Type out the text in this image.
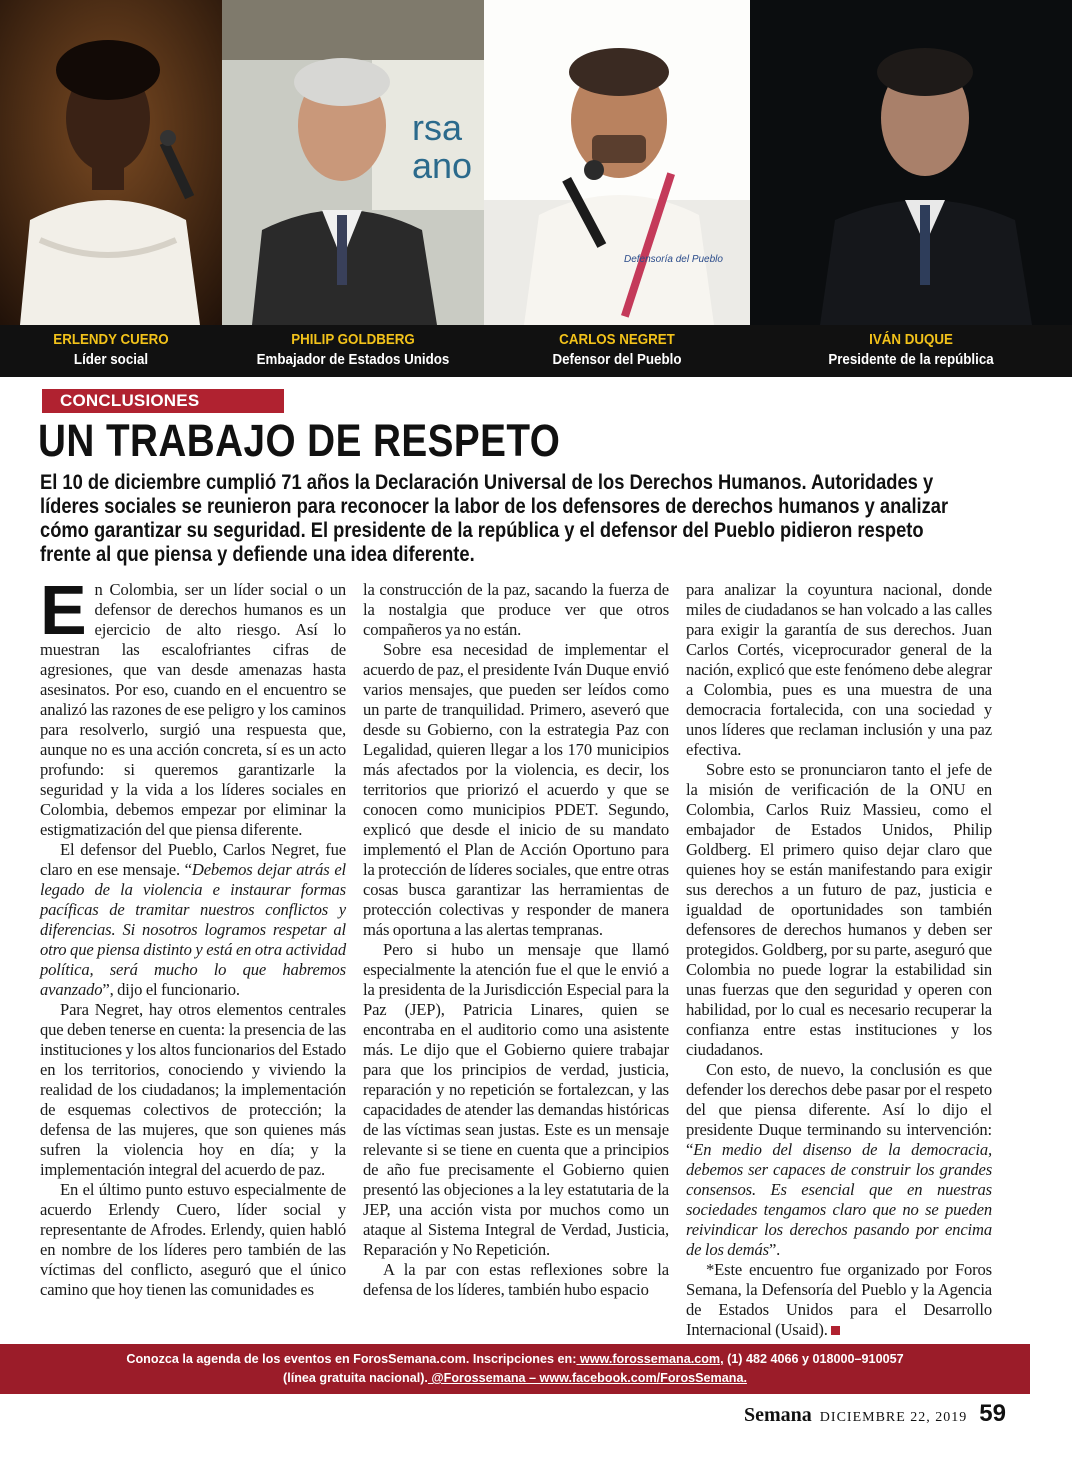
rsa ano
Defensoría del Pueblo
ERLENDY CUERO
Líder social
PHILIP GOLDBERG
Embajador de Estados Unidos
CARLOS NEGRET
Defensor del Pueblo
IVÁN DUQUE
Presidente de la república
CONCLUSIONES
UN TRABAJO DE RESPETO
El 10 de diciembre cumplió 71 años la Declaración Universal de los Derechos Humanos. Autoridades y líderes sociales se reunieron para reconocer la labor de los defensores de derechos humanos y analizar cómo garantizar su seguridad. El presidente de la república y el defensor del Pueblo pidieron respeto frente al que piensa y defiende una idea diferente.

En Colombia, ser un líder social o un defensor de derechos humanos es un ejercicio de alto riesgo. Así lo muestran las escalofriantes cifras de agresiones, que van desde amenazas hasta asesinatos. Por eso, cuando en el encuentro se analizó las razones de ese peligro y los caminos para resolverlo, surgió una respuesta que, aunque no es una acción concreta, sí es un acto profundo: si queremos garantizarle la seguridad y la vida a los líderes sociales en Colombia, debemos empezar por eliminar la estigmatización del que piensa diferente.

El defensor del Pueblo, Carlos Negret, fue claro en ese mensaje. “Debemos dejar atrás el legado de la violencia e instaurar formas pacíficas de tramitar nuestros conflictos y diferencias. Si nosotros logramos respetar al otro que piensa distinto y está en otra actividad política, será mucho lo que habremos avanzado”, dijo el funcionario.

Para Negret, hay otros elementos centrales que deben tenerse en cuenta: la presencia de las instituciones y los altos funcionarios del Estado en los territorios, conociendo y viviendo la realidad de los ciudadanos; la implementación de esquemas colectivos de protección; la defensa de las mujeres, que son quienes más sufren la violencia hoy en día; y la implementación integral del acuerdo de paz.

En el último punto estuvo especialmente de acuerdo Erlendy Cuero, líder social y representante de Afrodes. Erlendy, quien habló en nombre de los líderes pero también de las víctimas del conflicto, aseguró que el único camino que hoy tienen las comunidades es

la construcción de la paz, sacando la fuerza de la nostalgia que produce ver que otros compañeros ya no están.

Sobre esa necesidad de implementar el acuerdo de paz, el presidente Iván Duque envió varios mensajes, que pueden ser leídos como un parte de tranquilidad. Primero, aseveró que desde su Gobierno, con la estrategia Paz con Legalidad, quieren llegar a los 170 municipios más afectados por la violencia, es decir, los territorios que priorizó el acuerdo y que se conocen como municipios PDET. Segundo, explicó que desde el inicio de su mandato implementó el Plan de Acción Oportuno para la protección de líderes sociales, que entre otras cosas busca garantizar las herramientas de protección colectivas y responder de manera más oportuna a las alertas tempranas.

Pero si hubo un mensaje que llamó especialmente la atención fue el que le envió a la presidenta de la Jurisdicción Especial para la Paz (JEP), Patricia Linares, quien se encontraba en el auditorio como una asistente más. Le dijo que el Gobierno quiere trabajar para que los principios de verdad, justicia, reparación y no repetición se fortalezcan, y las capacidades de atender las demandas históricas de las víctimas sean justas. Este es un mensaje relevante si se tiene en cuenta que a principios de año fue precisamente el Gobierno quien presentó las objeciones a la ley estatutaria de la JEP, una acción vista por muchos como un ataque al Sistema Integral de Verdad, Justicia, Reparación y No Repetición.

A la par con estas reflexiones sobre la defensa de los líderes, también hubo espacio

para analizar la coyuntura nacional, donde miles de ciudadanos se han volcado a las calles para exigir la garantía de sus derechos. Juan Carlos Cortés, viceprocurador general de la nación, explicó que este fenómeno debe alegrar a Colombia, pues es una muestra de una democracia fortalecida, con una sociedad y unos líderes que reclaman inclusión y una paz efectiva.

Sobre esto se pronunciaron tanto el jefe de la misión de verificación de la ONU en Colombia, Carlos Ruiz Massieu, como el embajador de Estados Unidos, Philip Goldberg. El primero quiso dejar claro que quienes hoy se están manifestando para exigir sus derechos a un futuro de paz, justicia e igualdad de oportunidades son también defensores de derechos humanos y deben ser protegidos. Goldberg, por su parte, aseguró que Colombia no puede lograr la estabilidad sin unas fuerzas que den seguridad y operen con habilidad, por lo cual es necesario recuperar la confianza entre estas instituciones y los ciudadanos.

Con esto, de nuevo, la conclusión es que defender los derechos debe pasar por el respeto del que piensa diferente. Así lo dijo el presidente Duque terminando su intervención: “En medio del disenso de la democracia, debemos ser capaces de construir los grandes consensos. Es esencial que en nuestras sociedades tengamos claro que no se pueden reivindicar los derechos pasando por encima de los demás”.

*Este encuentro fue organizado por Foros Semana, la Defensoría del Pueblo y la Agencia de Estados Unidos para el Desarrollo Internacional (Usaid).

Conozca la agenda de los eventos en ForosSemana.com. Inscripciones en: www.forossemana.com, (1) 482 4066 y 018000–910057
(línea gratuita nacional). @Forossemana – www.facebook.com/ForosSemana.
Semana DICIEMBRE 22, 2019 59
